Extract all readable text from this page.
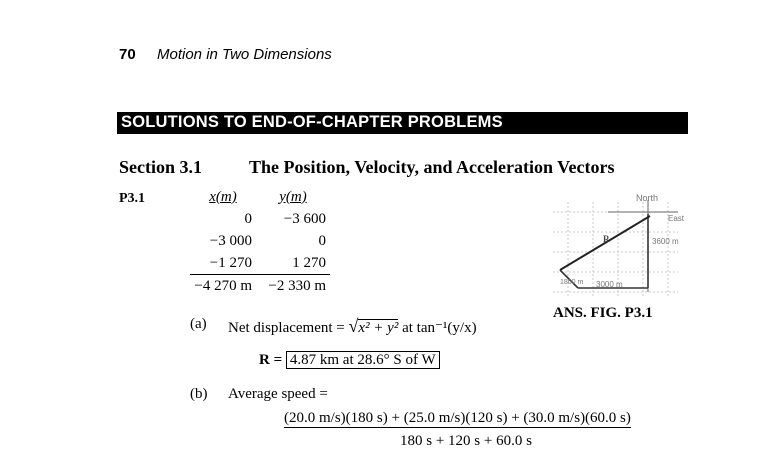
70 Motion in Two Dimensions
SOLUTIONS TO END-OF-CHAPTER PROBLEMS
Section 3.1	The Position, Velocity, and Acceleration Vectors
P3.1	x(m)	y(m)
0	−3 600
−3 000	0
−1 270	1 270
−4 270 m	−2 330 m
(a) Net displacement = √x² + y² at tan⁻¹(y/x)
R = 4.87 km at 28.6° S of W
(b) Average speed =
(20.0 m/s)(180 s) + (25.0 m/s)(120 s) + (30.0 m/s)(60.0 s)
180 s + 120 s + 60.0 s
North
East
R	3600 m
1800 m 3000 m
ANS. FIG. P3.1
